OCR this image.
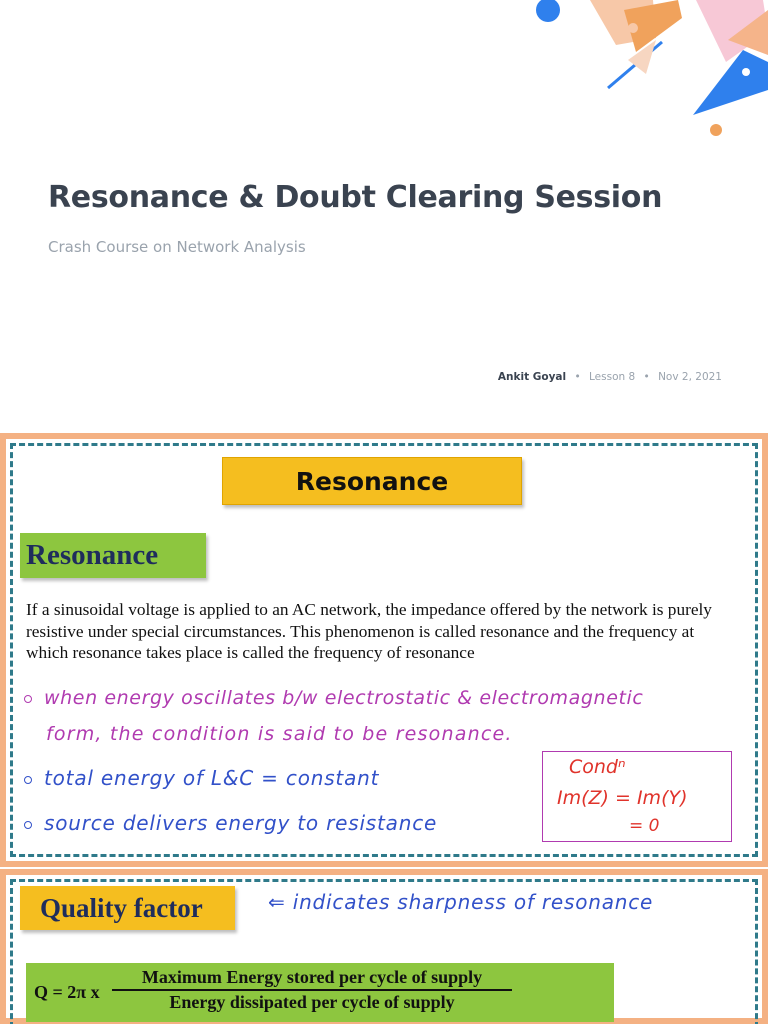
Resonance & Doubt Clearing Session
Crash Course on Network Analysis
Ankit Goyal • Lesson 8 • Nov 2, 2021
Resonance
Resonance
If a sinusoidal voltage is applied to an AC network, the impedance offered by the network is purely resistive under special circumstances. This phenomenon is called resonance and the frequency at which resonance takes place is called the frequency of resonance
when energy oscillates b/w electrostatic & electromagnetic
form, the condition is said to be resonance.
total energy of L&C = constant
source delivers energy to resistance
Condⁿ
Im(Z) = Im(Y)
= 0
Quality factor	⇐ indicates sharpness of resonance
Q = 2π x
Maximum Energy stored per cycle of supply
Energy dissipated per cycle of supply
